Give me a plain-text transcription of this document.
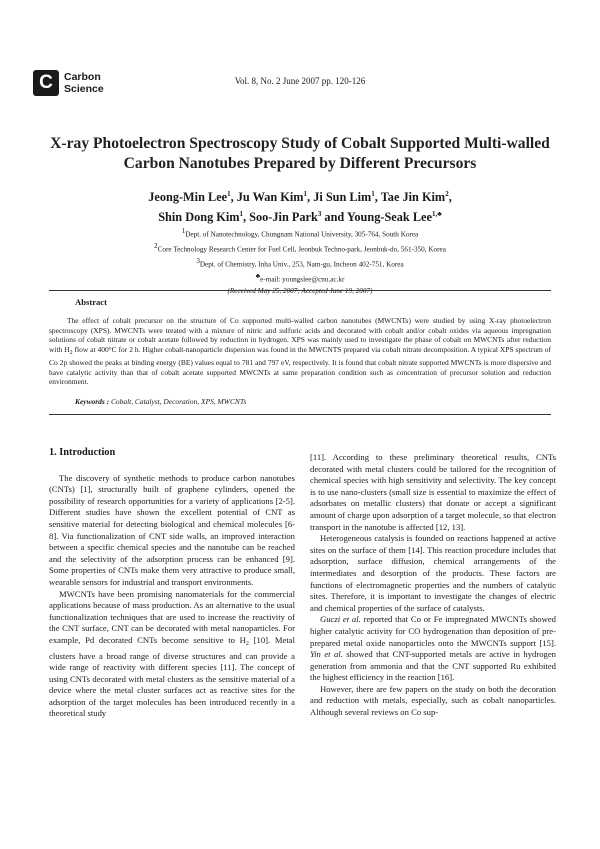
C	Carbon
Science
Vol. 8, No. 2 June 2007 pp. 120-126
X-ray Photoelectron Spectroscopy Study of Cobalt Supported Multi-walled
Carbon Nanotubes Prepared by Different Precursors
Jeong-Min Lee$^1$, Ju Wan Kim$^1$, Ji Sun Lim$^1$, Tae Jin Kim$^2$,
Shin Dong Kim$^1$, Soo-Jin Park$^3$ and Young-Seak Lee$^{1,♣}$
$^1$Dept. of Nanotechnology, Chungnam National University, 305-764, South Korea
$^2$Core Technology Research Center for Fuel Cell, Jeonbuk Techno-park, Jeonbuk-do, 561-350, Korea
$^3$Dept. of Chemistry, Inha Univ., 253, Nam-gu, Incheon 402-751, Korea
♣e-mail: youngslee@cnu.ac.kr
(Received May 25, 2007; Accepted June 19, 2007)
Abstract

The effect of cobalt precursor on the structure of Co supported multi-walled carbon nanotubes (MWCNTs) were studied by using X-ray photoelectron spectroscopy (XPS). MWCNTs were treated with a mixture of nitric and sulfuric acids and decorated with cobalt and/or cobalt oxides via aqueous impregnation solutions of cobalt nitrate or cobalt acetate followed by reduction in hydrogen. XPS was mainly used to investigate the phase of cobalt on MWCNTs after reduction with $H_2$ flow at 400°C for 2 h. Higher cobalt-nanoparticle dispersion was found in the MWCNTS prepared via cobalt nitrate decomposition. A typical XPS spectrum of Co 2p showed the peaks at binding energy (BE) values equal to 781 and 797 eV, respectively. It is found that cobalt nitrate supported MWCNTs is more dispersive and have catalytic activity than that of cobalt acetate supported MWCNTs at same preparation condition such as concentration of precursor solution and reduction environment.

Keywords : Cobalt, Catalyst, Decoration, XPS, MWCNTs
1. Introduction

The discovery of synthetic methods to produce carbon nanotubes (CNTs) [1], structurally built of graphene cylinders, opened the possibility of research opportunities for a variety of applications [2-5]. Different studies have shown the excellent potential of CNT as sensitive material for detecting biological and chemical molecules [6-8]. Via functionalization of CNT side walls, an improved interaction between a specific chemical species and the nanotube can be reached and the selectivity of the adsorption process can be enhanced [9]. Some properties of CNTs make them very attractive to produce small, wearable sensors for industrial and transport environments.

MWCNTs have been promising nanomaterials for the commercial applications because of mass production. As an alternative to the usual functionalization techniques that are used to increase the reactivity of the CNT surface, CNT can be decorated with metal nanoparticles. For example, Pd decorated CNTs become sensitive to $H_2$ [10]. Metal clusters have a broad range of diverse structures and can provide a wide range of reactivity with different species [11]. The concept of using CNTs decorated with metal clusters as the sensitive material of a device where the metal cluster surfaces act as reactive sites for the adsorption of the target molecules has been introduced recently in a theoretical study

[11]. According to these preliminary theoretical results, CNTs decorated with metal clusters could be tailored for the recognition of chemical species with high sensitivity and selectivity. The key concept is to use nano-clusters (small size is essential to maximize the effect of adsorbates on metallic clusters) that donate or accept a significant amount of charge upon adsorption of a target molecule, so that electron transport in the nanotube is affected [12, 13].

Heterogeneous catalysis is founded on reactions happened at active sites on the surface of them [14]. This reaction procedure includes that adsorption, surface diffusion, chemical arrangements of the intermediates and desorption of the products. These factors are functions of electromagnetic properties and the numbers of catalytic sites. Therefore, it is important to investigate the changes of electric and chemical properties of the surface of catalysts.

Guczi et al. reported that Co or Fe impregnated MWCNTs showed higher catalytic activity for CO hydrogenation than deposition of pre-prepared metal oxide nanoparticles onto the MWCNTs support [15]. Yin et al. showed that CNT-supported metals are active in hydrogen generation from ammonia and that the CNT supported Ru exhibited the highest efficiency in the reaction [16].

However, there are few papers on the study on both the decoration and reduction with metals, especially, such as cobalt nanoparticles. Although several reviews on Co sup-
